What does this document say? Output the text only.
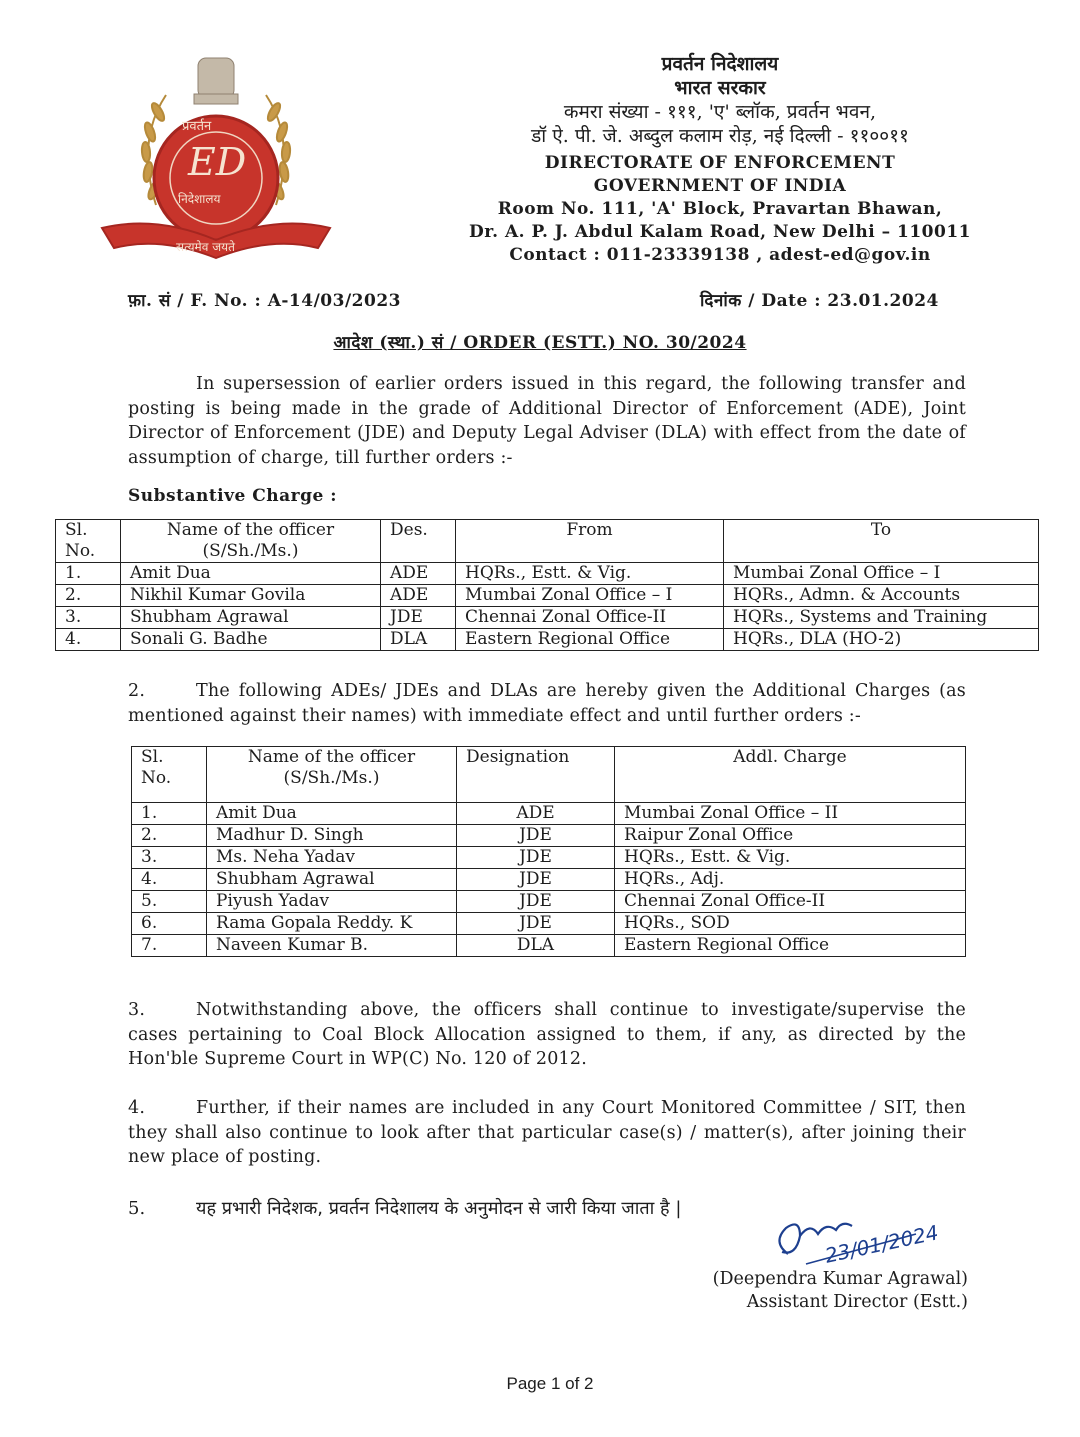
प्रवर्तन
ED
निदेशालय
सत्यमेव जयते
प्रवर्तन निदेशालय
भारत सरकार
कमरा संख्या - १११, 'ए' ब्लॉक, प्रवर्तन भवन,
डॉ ऐ. पी. जे. अब्दुल कलाम रोड़, नई दिल्ली - ११००११
DIRECTORATE OF ENFORCEMENT
GOVERNMENT OF INDIA
Room No. 111, 'A' Block, Pravartan Bhawan,
Dr. A. P. J. Abdul Kalam Road, New Delhi – 110011
Contact : 011-23339138 , adest-ed@gov.in
फ़ा. सं / F. No. : A-14/03/2023	दिनांक / Date : 23.01.2024
आदेश (स्था.) सं / ORDER (ESTT.) NO. 30/2024
In supersession of earlier orders issued in this regard, the following transfer and posting is being made in the grade of Additional Director of Enforcement (ADE), Joint Director of Enforcement (JDE) and Deputy Legal Adviser (DLA) with effect from the date of assumption of charge, till further orders :-
Substantive Charge :
Sl. No.	Name of the officer (S/Sh./Ms.)	Des.	From	To
1.	Amit Dua	ADE	HQRs., Estt. & Vig.	Mumbai Zonal Office – I
2.	Nikhil Kumar Govila	ADE	Mumbai Zonal Office – I	HQRs., Admn. & Accounts
3.	Shubham Agrawal	JDE	Chennai Zonal Office-II	HQRs., Systems and Training
4.	Sonali G. Badhe	DLA	Eastern Regional Office	HQRs., DLA (HO-2)
2.	The following ADEs/ JDEs and DLAs are hereby given the Additional Charges (as mentioned against their names) with immediate effect and until further orders :-
Sl. No.	Name of the officer (S/Sh./Ms.)	Designation	Addl. Charge
1.	Amit Dua	ADE	Mumbai Zonal Office – II
2.	Madhur D. Singh	JDE	Raipur Zonal Office
3.	Ms. Neha Yadav	JDE	HQRs., Estt. & Vig.
4.	Shubham Agrawal	JDE	HQRs., Adj.
5.	Piyush Yadav	JDE	Chennai Zonal Office-II
6.	Rama Gopala Reddy. K	JDE	HQRs., SOD
7.	Naveen Kumar B.	DLA	Eastern Regional Office
3.	Notwithstanding above, the officers shall continue to investigate/supervise the cases pertaining to Coal Block Allocation assigned to them, if any, as directed by the Hon'ble Supreme Court in WP(C) No. 120 of 2012.
4.	Further, if their names are included in any Court Monitored Committee / SIT, then they shall also continue to look after that particular case(s) / matter(s), after joining their new place of posting.
5.	यह प्रभारी निदेशक, प्रवर्तन निदेशालय के अनुमोदन से जारी किया जाता है |
23/01/2024
(Deependra Kumar Agrawal)
Assistant Director (Estt.)
Page 1 of 2
